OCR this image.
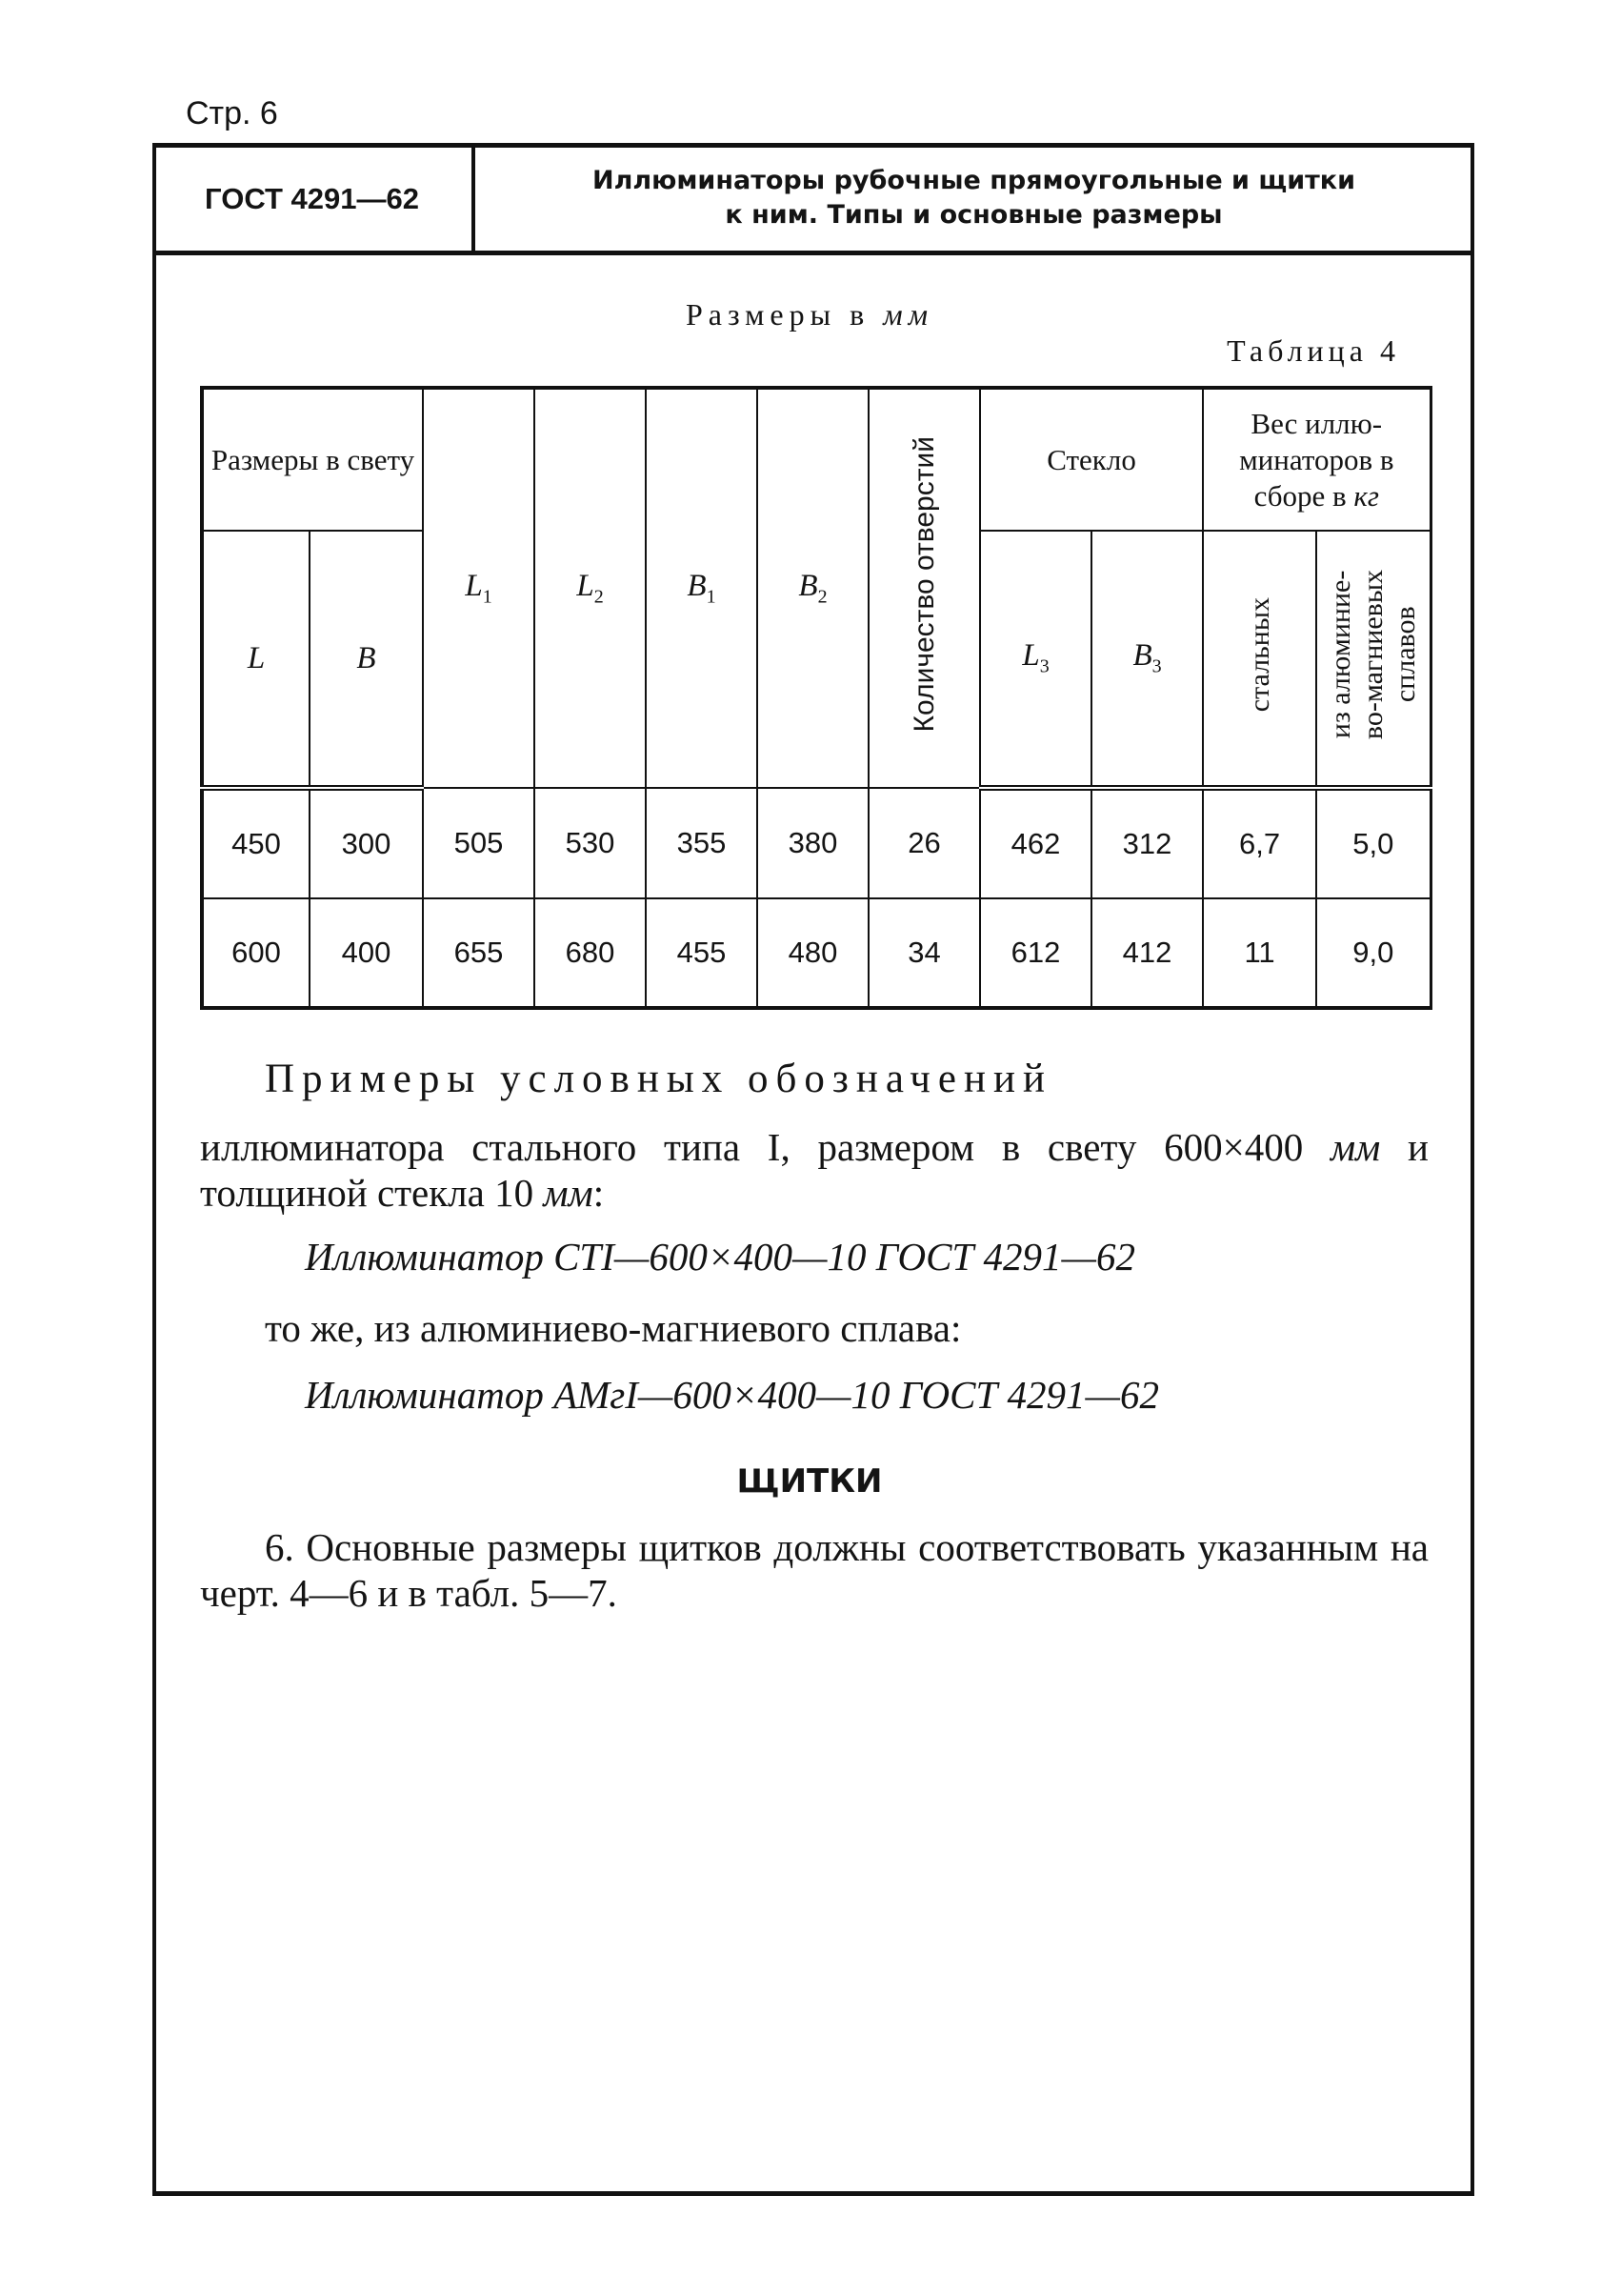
Стр. 6
ГОСТ 4291—62
Иллюминаторы рубочные прямоугольные и щитки
к ним. Типы и основные размеры
Размеры в мм
Таблица 4
Размеры в свету		$L_1$	$L_2$	$B_1$	$B_2$	Количество отверстий	Стекло		Вес иллю-минаторов в сборе в кг	
L	B						$L_3$	$B_3$	стальных	из алюминие-
во-магниевых
сплавов
450	300	505	530	355	380	26	462	312	6,7	5,0
600	400	655	680	455	480	34	612	412	11	9,0
Примеры условных обозначений
иллюминатора стального типа I, размером в свету 600×400 мм и толщиной стекла 10 мм:
Иллюминатор СТI—600×400—10 ГОСТ 4291—62
то же, из алюминиево-магниевого сплава:
Иллюминатор АМгI—600×400—10 ГОСТ 4291—62
ЩИТКИ
6. Основные размеры щитков должны соответствовать указанным на черт. 4—6 и в табл. 5—7.
